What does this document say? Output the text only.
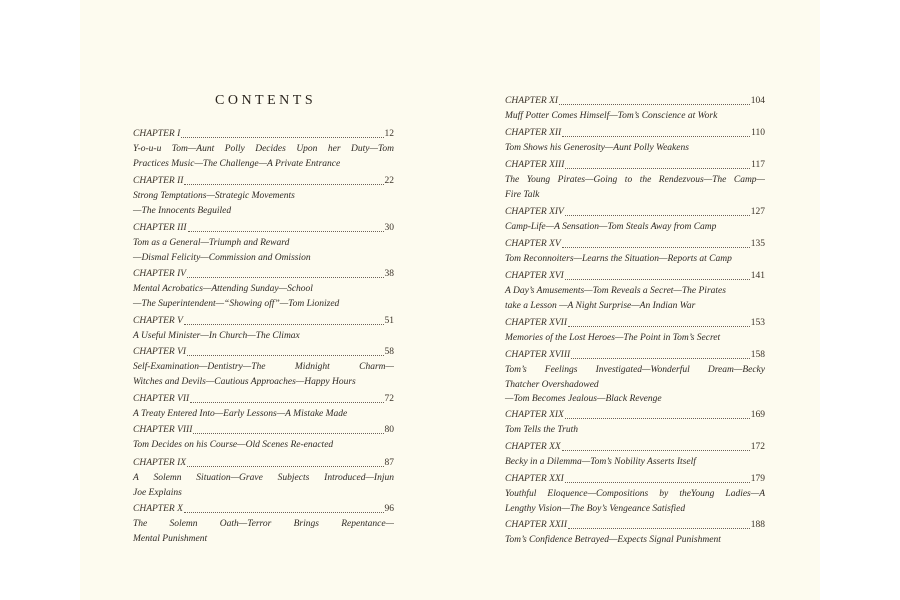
CONTENTS
CHAPTER I	12
Y-o-u-u Tom—Aunt Polly Decides Upon her Duty—Tom
Practices Music—The Challenge—A Private Entrance
CHAPTER II	22
Strong Temptations—Strategic Movements
—The Innocents Beguiled
CHAPTER III	30
Tom as a General—Triumph and Reward
—Dismal Felicity—Commission and Omission
CHAPTER IV	38
Mental Acrobatics—Attending Sunday—School
—The Superintendent—“Showing off”—Tom Lionized
CHAPTER V	51
A Useful Minister—In Church—The Climax
CHAPTER VI	58
Self-Examination—Dentistry—The Midnight Charm—
Witches and Devils—Cautious Approaches—Happy Hours
CHAPTER VII	72
A Treaty Entered Into—Early Lessons—A Mistake Made
CHAPTER VIII	80
Tom Decides on his Course—Old Scenes Re-enacted
CHAPTER IX	87
A Solemn Situation—Grave Subjects Introduced—Injun
Joe Explains
CHAPTER X	96
The Solemn Oath—Terror Brings Repentance—
Mental Punishment
CHAPTER XI	104
Muff Potter Comes Himself—Tom’s Conscience at Work
CHAPTER XII	110
Tom Shows his Generosity—Aunt Polly Weakens
CHAPTER XIII	117
The Young Pirates—Going to the Rendezvous—The Camp—
Fire Talk
CHAPTER XIV	127
Camp-Life—A Sensation—Tom Steals Away from Camp
CHAPTER XV	135
Tom Reconnoiters—Learns the Situation—Reports at Camp
CHAPTER XVI	141
A Day’s Amusements—Tom Reveals a Secret—The Pirates
take a Lesson —A Night Surprise—An Indian War
CHAPTER XVII	153
Memories of the Lost Heroes—The Point in Tom’s Secret
CHAPTER XVIII	158
Tom’s Feelings Investigated—Wonderful Dream—Becky
Thatcher Overshadowed
—Tom Becomes Jealous—Black Revenge
CHAPTER XIX	169
Tom Tells the Truth
CHAPTER XX	172
Becky in a Dilemma—Tom’s Nobility Asserts Itself
CHAPTER XXI	179
Youthful Eloquence—Compositions by theYoung Ladies—A
Lengthy Vision—The Boy’s Vengeance Satisfied
CHAPTER XXII	188
Tom’s Confidence Betrayed—Expects Signal Punishment
